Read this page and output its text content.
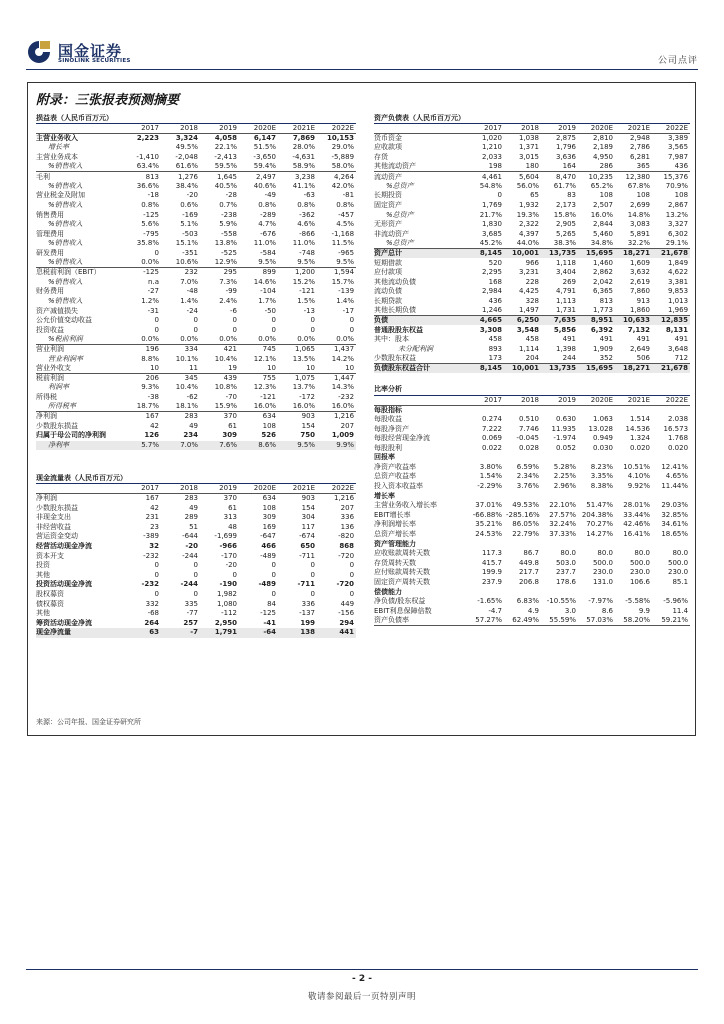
国金证券
SINOLINK SECURITIES	公司点评
附录：三张报表预测摘要
损益表（人民币百万元）						
	2017	2018	2019	2020E	2021E	2022E
主营业务收入	2,223	3,324	4,058	6,147	7,869	10,153
增长率		49.5%	22.1%	51.5%	28.0%	29.0%
主营业务成本	-1,410	-2,048	-2,413	-3,650	-4,631	-5,889
%销售收入	63.4%	61.6%	59.5%	59.4%	58.9%	58.0%
毛利	813	1,276	1,645	2,497	3,238	4,264
%销售收入	36.6%	38.4%	40.5%	40.6%	41.1%	42.0%
营业税金及附加	-18	-20	-28	-49	-63	-81
%销售收入	0.8%	0.6%	0.7%	0.8%	0.8%	0.8%
销售费用	-125	-169	-238	-289	-362	-457
%销售收入	5.6%	5.1%	5.9%	4.7%	4.6%	4.5%
管理费用	-795	-503	-558	-676	-866	-1,168
%销售收入	35.8%	15.1%	13.8%	11.0%	11.0%	11.5%
研发费用	0	-351	-525	-584	-748	-965
%销售收入	0.0%	10.6%	12.9%	9.5%	9.5%	9.5%
息税前利润（EBIT）	-125	232	295	899	1,200	1,594
%销售收入	n.a	7.0%	7.3%	14.6%	15.2%	15.7%
财务费用	-27	-48	-99	-104	-121	-139
%销售收入	1.2%	1.4%	2.4%	1.7%	1.5%	1.4%
资产减值损失	-31	-24	-6	-50	-13	-17
公允价值变动收益	0	0	0	0	0	0
投资收益	0	0	0	0	0	0
%税前利润	0.0%	0.0%	0.0%	0.0%	0.0%	0.0%
营业利润	196	334	421	745	1,065	1,437
营业利润率	8.8%	10.1%	10.4%	12.1%	13.5%	14.2%
营业外收支	10	11	19	10	10	10
税前利润	206	345	439	755	1,075	1,447
利润率	9.3%	10.4%	10.8%	12.3%	13.7%	14.3%
所得税	-38	-62	-70	-121	-172	-232
所得税率	18.7%	18.1%	15.9%	16.0%	16.0%	16.0%
净利润	167	283	370	634	903	1,216
少数股东损益	42	49	61	108	154	207
归属于母公司的净利润	126	234	309	526	750	1,009
净利率	5.7%	7.0%	7.6%	8.6%	9.5%	9.9%

现金流量表（人民币百万元）						
	2017	2018	2019	2020E	2021E	2022E
净利润	167	283	370	634	903	1,216
少数股东损益	42	49	61	108	154	207
非现金支出	231	289	313	309	304	336
非经营收益	23	51	48	169	117	136
营运资金变动	-389	-644	-1,699	-647	-674	-820
经营活动现金净流	32	-20	-966	466	650	868
资本开支	-232	-244	-170	-489	-711	-720
投资	0	0	-20	0	0	0
其他	0	0	0	0	0	0
投资活动现金净流	-232	-244	-190	-489	-711	-720
股权募资	0	0	1,982	0	0	0
债权募资	332	335	1,080	84	336	449
其他	-68	-77	-112	-125	-137	-156
筹资活动现金净流	264	257	2,950	-41	199	294
现金净流量	63	-7	1,791	-64	138	441
资产负债表（人民币百万元）						
	2017	2018	2019	2020E	2021E	2022E
货币资金	1,020	1,038	2,875	2,810	2,948	3,389
应收款项	1,210	1,371	1,796	2,189	2,786	3,565
存货	2,033	3,015	3,636	4,950	6,281	7,987
其他流动资产	198	180	164	286	365	436
流动资产	4,461	5,604	8,470	10,235	12,380	15,376
%总资产	54.8%	56.0%	61.7%	65.2%	67.8%	70.9%
长期投资	0	65	83	108	108	108
固定资产	1,769	1,932	2,173	2,507	2,699	2,867
%总资产	21.7%	19.3%	15.8%	16.0%	14.8%	13.2%
无形资产	1,830	2,322	2,905	2,844	3,083	3,327
非流动资产	3,685	4,397	5,265	5,460	5,891	6,302
%总资产	45.2%	44.0%	38.3%	34.8%	32.2%	29.1%
资产总计	8,145	10,001	13,735	15,695	18,271	21,678
短期借款	520	966	1,118	1,460	1,609	1,849
应付款项	2,295	3,231	3,404	2,862	3,632	4,622
其他流动负债	168	228	269	2,042	2,619	3,381
流动负债	2,984	4,425	4,791	6,365	7,860	9,853
长期贷款	436	328	1,113	813	913	1,013
其他长期负债	1,246	1,497	1,731	1,773	1,860	1,969
负债	4,665	6,250	7,635	8,951	10,633	12,835
普通股股东权益	3,308	3,548	5,856	6,392	7,132	8,131
其中：股本	458	458	491	491	491	491
未分配利润	893	1,114	1,398	1,909	2,649	3,648
少数股东权益	173	204	244	352	506	712
负债股东权益合计	8,145	10,001	13,735	15,695	18,271	21,678

比率分析						
	2017	2018	2019	2020E	2021E	2022E
每股指标						
每股收益	0.274	0.510	0.630	1.063	1.514	2.038
每股净资产	7.222	7.746	11.935	13.028	14.536	16.573
每股经营现金净流	0.069	-0.045	-1.974	0.949	1.324	1.768
每股股利	0.022	0.028	0.052	0.030	0.020	0.020
回报率						
净资产收益率	3.80%	6.59%	5.28%	8.23%	10.51%	12.41%
总资产收益率	1.54%	2.34%	2.25%	3.35%	4.10%	4.65%
投入资本收益率	-2.29%	3.76%	2.96%	8.38%	9.92%	11.44%
增长率						
主营业务收入增长率	37.01%	49.53%	22.10%	51.47%	28.01%	29.03%
EBIT增长率	-66.88%	-285.16%	27.57%	204.38%	33.44%	32.85%
净利润增长率	35.21%	86.05%	32.24%	70.27%	42.46%	34.61%
总资产增长率	24.53%	22.79%	37.33%	14.27%	16.41%	18.65%
资产管理能力						
应收账款周转天数	117.3	86.7	80.0	80.0	80.0	80.0
存货周转天数	415.7	449.8	503.0	500.0	500.0	500.0
应付账款周转天数	199.9	217.7	237.7	230.0	230.0	230.0
固定资产周转天数	237.9	206.8	178.6	131.0	106.6	85.1
偿债能力						
净负债/股东权益	-1.65%	6.83%	-10.55%	-7.97%	-5.58%	-5.96%
EBIT利息保障倍数	-4.7	4.9	3.0	8.6	9.9	11.4
资产负债率	57.27%	62.49%	55.59%	57.03%	58.20%	59.21%
来源：公司年报、国金证券研究所
- 2 -
敬请参阅最后一页特别声明
